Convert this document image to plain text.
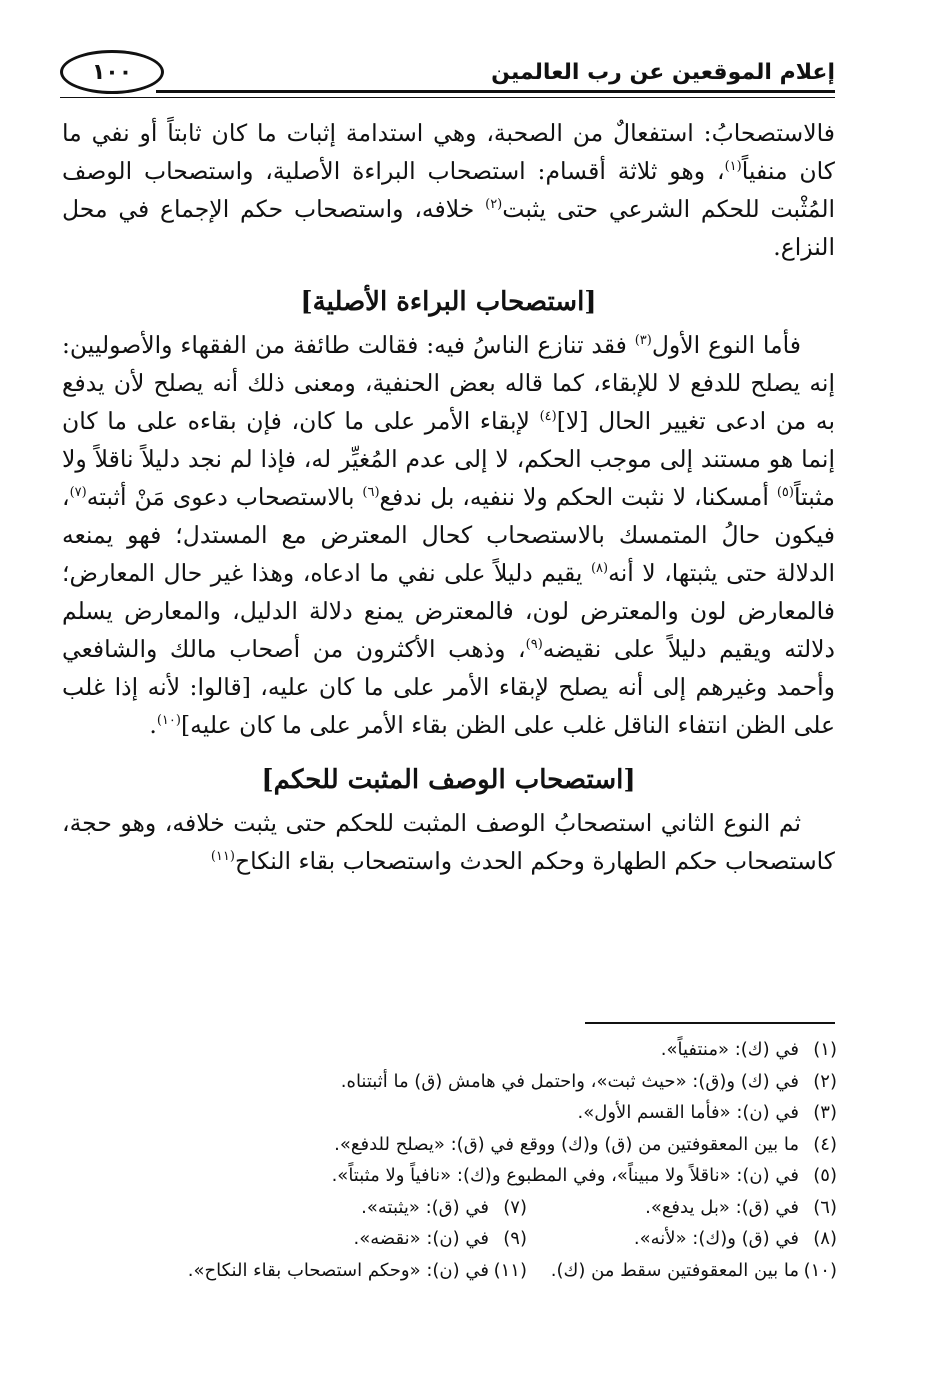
إعلام الموقعين عن رب العالمين
١٠٠

فالاستصحابُ: استفعالٌ من الصحبة، وهي استدامة إثبات ما كان ثابتاً أو نفي ما كان منفياً$^{(١)}$، وهو ثلاثة أقسام: استصحاب البراءة الأصلية، واستصحاب الوصف المُثْبت للحكم الشرعي حتى يثبت$^{(٢)}$ خلافه، واستصحاب حكم الإجماع في محل النزاع.

[استصحاب البراءة الأصلية]

فأما النوع الأول$^{(٣)}$ فقد تنازع الناسُ فيه: فقالت طائفة من الفقهاء والأصوليين: إنه يصلح للدفع لا للإبقاء، كما قاله بعض الحنفية، ومعنى ذلك أنه يصلح لأن يدفع به من ادعى تغيير الحال [لا]$^{(٤)}$ لإبقاء الأمر على ما كان، فإن بقاءه على ما كان إنما هو مستند إلى موجب الحكم، لا إلى عدم المُغيِّر له، فإذا لم نجد دليلاً ناقلاً ولا مثبتاً$^{(٥)}$ أمسكنا، لا نثبت الحكم ولا ننفيه، بل ندفع$^{(٦)}$ بالاستصحاب دعوى مَنْ أثبته$^{(٧)}$، فيكون حالُ المتمسك بالاستصحاب كحال المعترض مع المستدل؛ فهو يمنعه الدلالة حتى يثبتها، لا أنه$^{(٨)}$ يقيم دليلاً على نفي ما ادعاه، وهذا غير حال المعارض؛ فالمعارض لون والمعترض لون، فالمعترض يمنع دلالة الدليل، والمعارض يسلم دلالته ويقيم دليلاً على نقيضه$^{(٩)}$، وذهب الأكثرون من أصحاب مالك والشافعي وأحمد وغيرهم إلى أنه يصلح لإبقاء الأمر على ما كان عليه، [قالوا: لأنه إذا غلب على الظن انتفاء الناقل غلب على الظن بقاء الأمر على ما كان عليه]$^{(١٠)}$.

[استصحاب الوصف المثبت للحكم]

ثم النوع الثاني استصحابُ الوصف المثبت للحكم حتى يثبت خلافه، وهو حجة، كاستصحاب حكم الطهارة وحكم الحدث واستصحاب بقاء النكاح$^{(١١)}$

(١)
في (ك): «منتفياً».
(٢)
في (ك) و(ق): «حيث ثبت»، واحتمل في هامش (ق) ما أثبتناه.
(٣)
في (ن): «فأما القسم الأول».
(٤)
ما بين المعقوفتين من (ق) و(ك) ووقع في (ق): «يصلح للدفع».
(٥)
في (ن): «ناقلاً ولا مبيناً»، وفي المطبوع و(ك): «نافياً ولا مثبتاً».
(٦)
في (ق): «بل يدفع».
(٧)
في (ق): «يثبته».
(٨)
في (ق) و(ك): «لأنه».
(٩)
في (ن): «نقضه».
(١٠)
ما بين المعقوفتين سقط من (ك).
(١١)
في (ن): «وحكم استصحاب بقاء النكاح».
